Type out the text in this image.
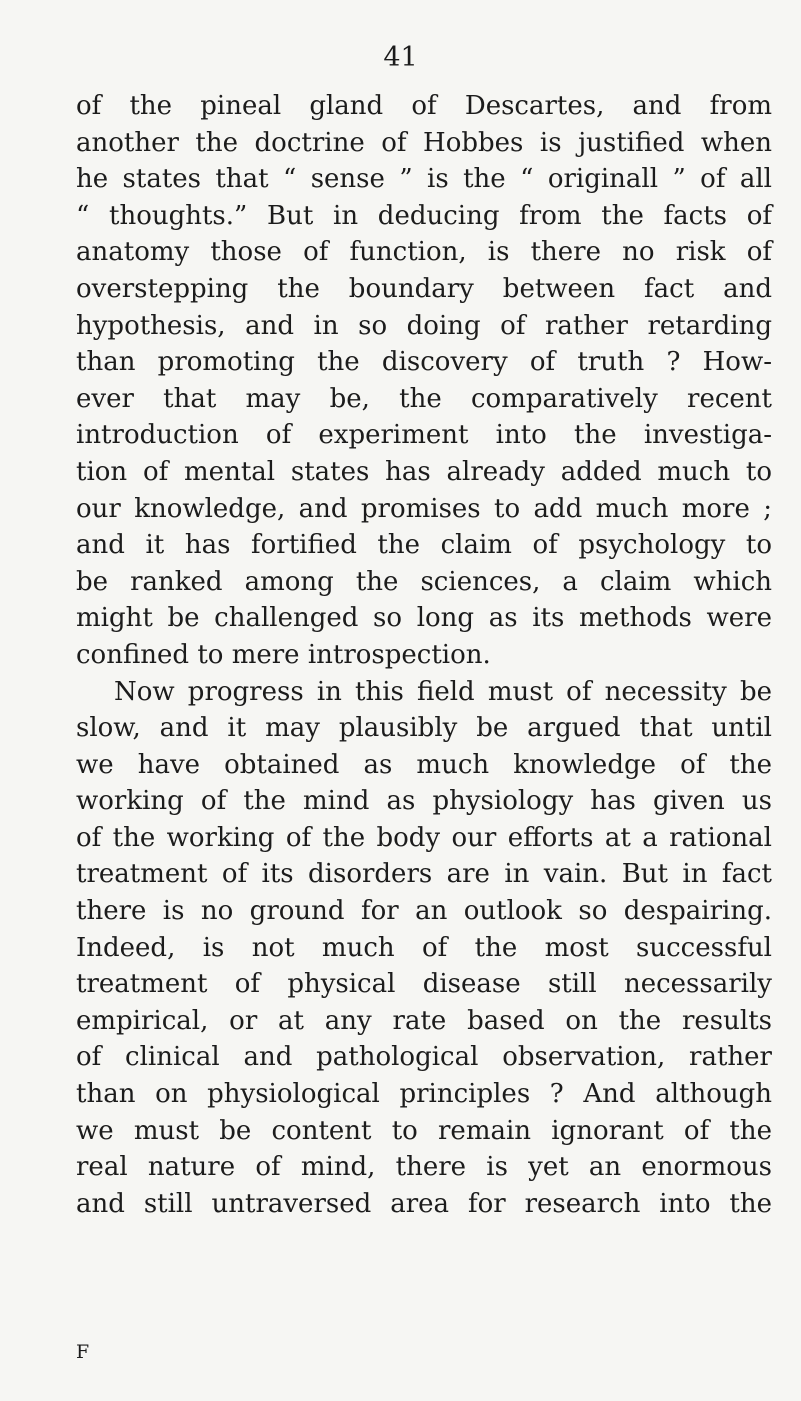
41
of the pineal gland of Descartes, and from
another the doctrine of Hobbes is justified when
he states that “ sense ” is the “ originall ” of all
“ thoughts.” But in deducing from the facts of
anatomy those of function, is there no risk of
overstepping the boundary between fact and
hypothesis, and in so doing of rather retarding
than promoting the discovery of truth ? How-
ever that may be, the comparatively recent
introduction of experiment into the investiga-
tion of mental states has already added much to
our knowledge, and promises to add much more ;
and it has fortified the claim of psychology to
be ranked among the sciences, a claim which
might be challenged so long as its methods were
confined to mere introspection.
Now progress in this field must of necessity be
slow, and it may plausibly be argued that until
we have obtained as much knowledge of the
working of the mind as physiology has given us
of the working of the body our efforts at a rational
treatment of its disorders are in vain. But in fact
there is no ground for an outlook so despairing.
Indeed, is not much of the most successful
treatment of physical disease still necessarily
empirical, or at any rate based on the results
of clinical and pathological observation, rather
than on physiological principles ? And although
we must be content to remain ignorant of the
real nature of mind, there is yet an enormous
and still untraversed area for research into the
F
